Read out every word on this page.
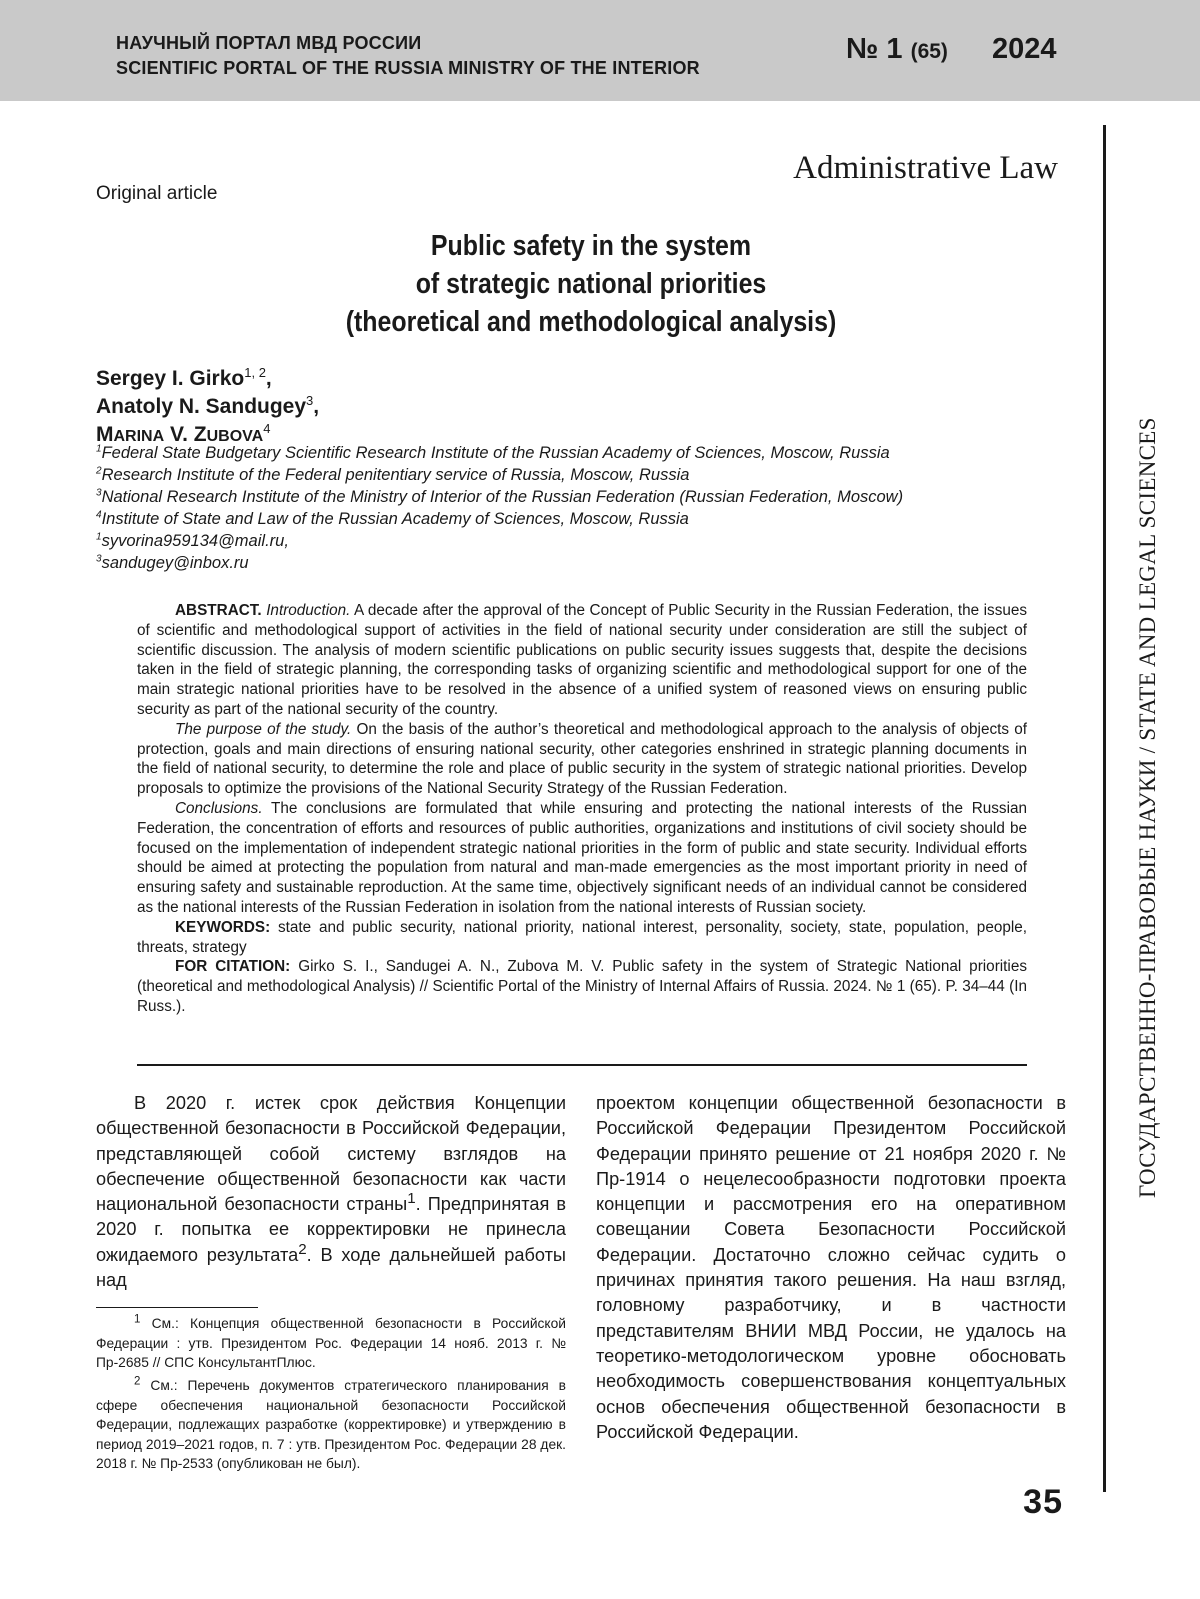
НАУЧНЫЙ ПОРТАЛ МВД РОССИИ
SCIENTIFIC PORTAL OF THE RUSSIA MINISTRY OF THE INTERIOR
№ 1 (65) 2024
ГОСУДАРСТВЕННО-ПРАВОВЫЕ НАУКИ / STATE AND LEGAL SCIENCES
Administrative Law
Original article
Public safety in the system
of strategic national priorities
(theoretical and methodological analysis)
Sergey I. Girko$^{1, 2}$,
Anatoly N. Sandugey$^3$,
MARINA V. ZUBOVA$^4$
$^1$Federal State Budgetary Scientific Research Institute of the Russian Academy of Sciences, Moscow, Russia
$^2$Research Institute of the Federal penitentiary service of Russia, Moscow, Russia
$^3$National Research Institute of the Ministry of Interior of the Russian Federation (Russian Federation, Moscow)
$^4$Institute of State and Law of the Russian Academy of Sciences, Moscow, Russia
$^1$syvorina959134@mail.ru,
$^3$sandugey@inbox.ru

ABSTRACT. Introduction. A decade after the approval of the Concept of Public Security in the Russian Federation, the issues of scientific and methodological support of activities in the field of national security under consideration are still the subject of scientific discussion. The analysis of modern scientific publications on public security issues suggests that, despite the decisions taken in the field of strategic planning, the corresponding tasks of organizing scientific and methodological support for one of the main strategic national priorities have to be resolved in the absence of a unified system of reasoned views on ensuring public security as part of the national security of the country.

The purpose of the study. On the basis of the author’s theoretical and methodological approach to the analysis of objects of protection, goals and main directions of ensuring national security, other categories enshrined in strategic planning documents in the field of national security, to determine the role and place of public security in the system of strategic national priorities. Develop proposals to optimize the provisions of the National Security Strategy of the Russian Federation.

Conclusions. The conclusions are formulated that while ensuring and protecting the national interests of the Russian Federation, the concentration of efforts and resources of public authorities, organizations and institutions of civil society should be focused on the implementation of independent strategic national priorities in the form of public and state security. Individual efforts should be aimed at protecting the population from natural and man-made emergencies as the most important priority in need of ensuring safety and sustainable reproduction. At the same time, objectively significant needs of an individual cannot be considered as the national interests of the Russian Federation in isolation from the national interests of Russian society.

KEYWORDS: state and public security, national priority, national interest, personality, society, state, population, people, threats, strategy

FOR CITATION: Girko S. I., Sandugei A. N., Zubova M. V. Public safety in the system of Strategic National priorities (theoretical and methodological Analysis) // Scientific Portal of the Ministry of Internal Affairs of Russia. 2024. № 1 (65). P. 34–44 (In Russ.).

В 2020 г. истек срок действия Концепции общественной безопасности в Российской Федерации, представляющей собой систему взглядов на обеспечение общественной безопасности как части национальной безопасности страны$^1$. Предпринятая в 2020 г. попытка ее корректировки не принесла ожидаемого результата$^2$. В ходе дальнейшей работы над

$^1$ См.: Концепция общественной безопасности в Российской Федерации : утв. Президентом Рос. Федерации 14 нояб. 2013 г. № Пр-2685 // СПС КонсультантПлюс.

$^2$ См.: Перечень документов стратегического планирования в сфере обеспечения национальной безопасности Российской Федерации, подлежащих разработке (корректировке) и утверждению в период 2019–2021 годов, п. 7 : утв. Президентом Рос. Федерации 28 дек. 2018 г. № Пр-2533 (опубликован не был).

проектом концепции общественной безопасности в Российской Федерации Президентом Российской Федерации принято решение от 21 ноября 2020 г. № Пр-1914 о нецелесообразности подготовки проекта концепции и рассмотрения его на оперативном совещании Совета Безопасности Российской Федерации. Достаточно сложно сейчас судить о причинах принятия такого решения. На наш взгляд, головному разработчику, и в частности представителям ВНИИ МВД России, не удалось на теоретико-методологическом уровне обосновать необходимость совершенствования концептуальных основ обеспечения общественной безопасности в Российской Федерации.

35
